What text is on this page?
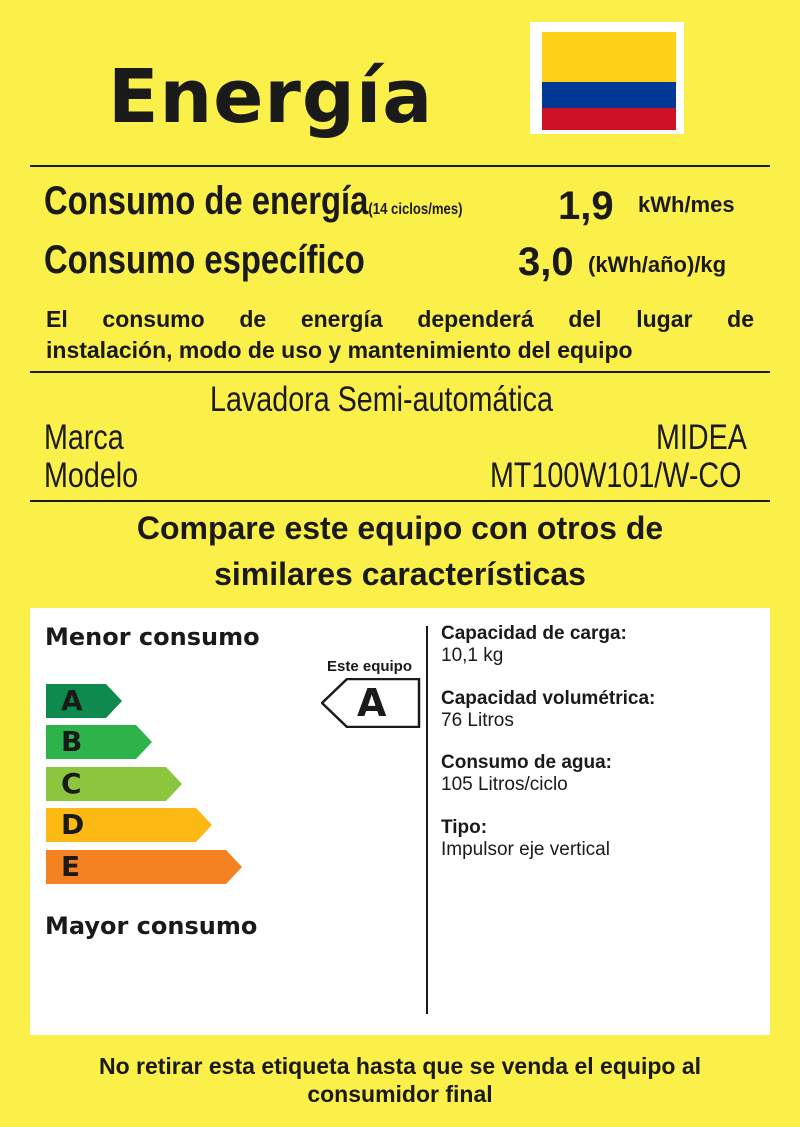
Energía
Consumo de energía(14 ciclos/mes)	1,9 kWh/mes
Consumo específico	3,0 (kWh/año)/kg
El consumo de energía dependerá del lugar de
instalación, modo de uso y mantenimiento del equipo
Lavadora Semi-automática
Marca	MIDEA
Modelo	MT100W101/W-CO
Compare este equipo con otros de
similares características
Menor consumo
A
B
C
D
E
Mayor consumo
Este equipo
A
Capacidad de carga:
10,1 kg
Capacidad volumétrica:
76 Litros
Consumo de agua:
105 Litros/ciclo
Tipo:
Impulsor eje vertical
No retirar esta etiqueta hasta que se venda el equipo al
consumidor final
